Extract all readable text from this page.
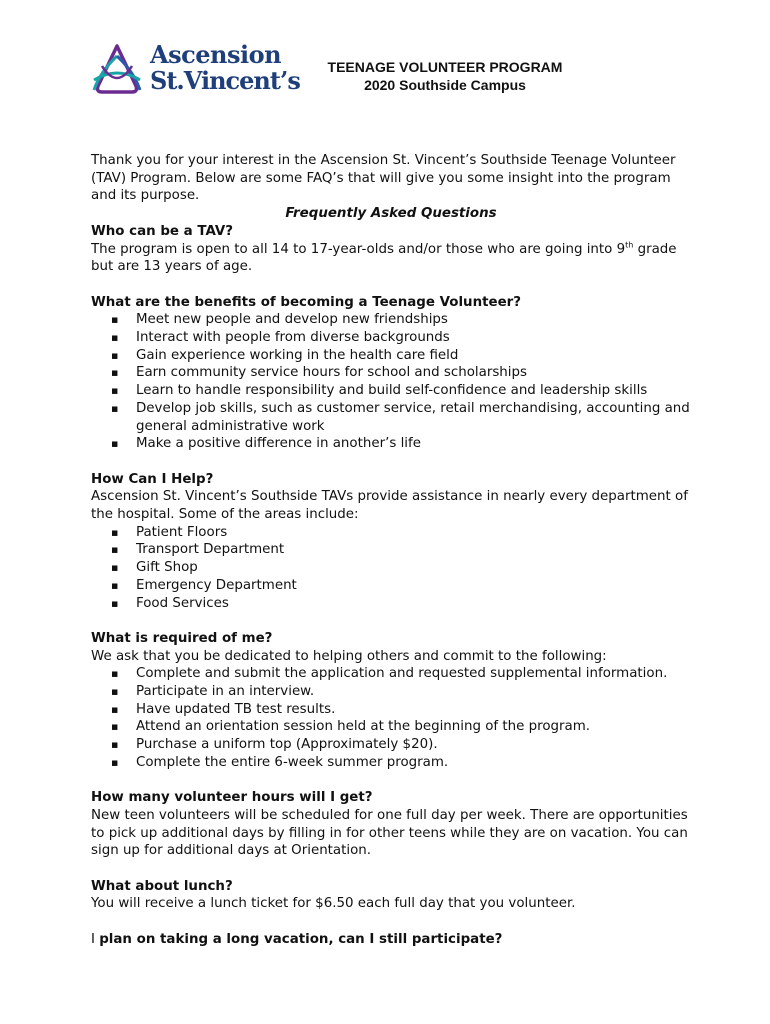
Ascension
St.Vincent’s	TEENAGE VOLUNTEER PROGRAM
2020 Southside Campus

Thank you for your interest in the Ascension St. Vincent’s Southside Teenage Volunteer (TAV) Program. Below are some FAQ’s that will give you some insight into the program and its purpose.

Frequently Asked Questions

Who can be a TAV?

The program is open to all 14 to 17-year-olds and/or those who are going into 9th grade but are 13 years of age.

What are the benefits of becoming a Teenage Volunteer?

▪ Meet new people and develop new friendships
▪ Interact with people from diverse backgrounds
▪ Gain experience working in the health care field
▪ Earn community service hours for school and scholarships
▪ Learn to handle responsibility and build self-confidence and leadership skills
▪ Develop job skills, such as customer service, retail merchandising, accounting and general administrative work
▪ Make a positive difference in another’s life

How Can I Help?

Ascension St. Vincent’s Southside TAVs provide assistance in nearly every department of the hospital. Some of the areas include:

▪ Patient Floors
▪ Transport Department
▪ Gift Shop
▪ Emergency Department
▪ Food Services

What is required of me?

We ask that you be dedicated to helping others and commit to the following:

▪ Complete and submit the application and requested supplemental information.
▪ Participate in an interview.
▪ Have updated TB test results.
▪ Attend an orientation session held at the beginning of the program.
▪ Purchase a uniform top (Approximately $20).
▪ Complete the entire 6-week summer program.

How many volunteer hours will I get?

New teen volunteers will be scheduled for one full day per week. There are opportunities to pick up additional days by filling in for other teens while they are on vacation. You can sign up for additional days at Orientation.

What about lunch?

You will receive a lunch ticket for $6.50 each full day that you volunteer.

I plan on taking a long vacation, can I still participate?
